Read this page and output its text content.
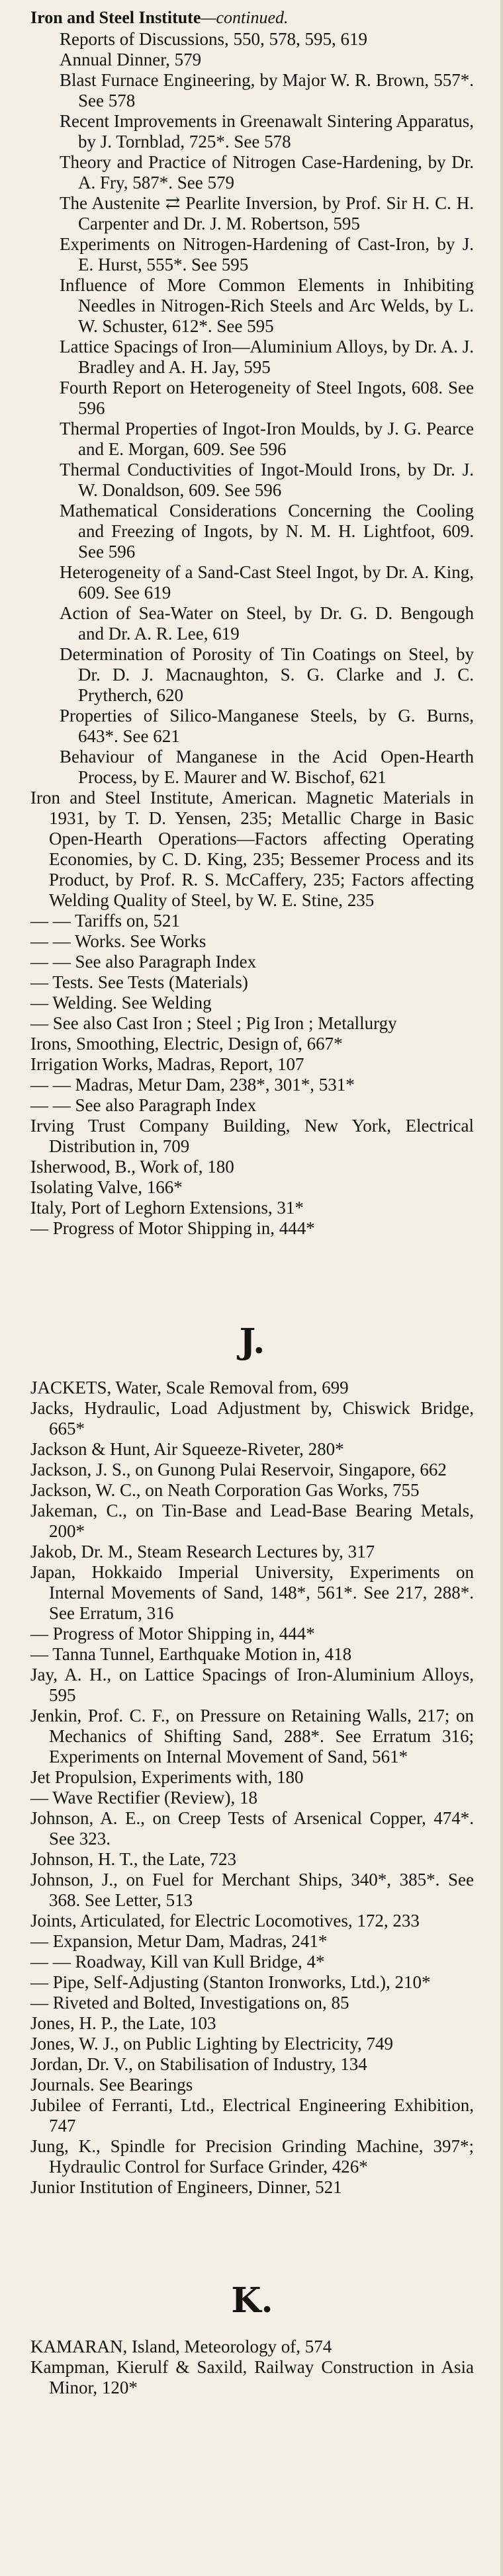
Iron and Steel Institute—continued.

Reports of Discussions, 550, 578, 595, 619

Annual Dinner, 579

Blast Furnace Engineering, by Major W. R. Brown, 557*. See 578

Recent Improvements in Greenawalt Sintering Apparatus, by J. Tornblad, 725*. See 578

Theory and Practice of Nitrogen Case-Hardening, by Dr. A. Fry, 587*. See 579

The Austenite ⇄ Pearlite Inversion, by Prof. Sir H. C. H. Carpenter and Dr. J. M. Robertson, 595

Experiments on Nitrogen-Hardening of Cast-Iron, by J. E. Hurst, 555*. See 595

Influence of More Common Elements in Inhibiting Needles in Nitrogen-Rich Steels and Arc Welds, by L. W. Schuster, 612*. See 595

Lattice Spacings of Iron—Aluminium Alloys, by Dr. A. J. Bradley and A. H. Jay, 595

Fourth Report on Heterogeneity of Steel Ingots, 608. See 596

Thermal Properties of Ingot-Iron Moulds, by J. G. Pearce and E. Morgan, 609. See 596

Thermal Conductivities of Ingot-Mould Irons, by Dr. J. W. Donaldson, 609. See 596

Mathematical Considerations Concerning the Cooling and Freezing of Ingots, by N. M. H. Lightfoot, 609. See 596

Heterogeneity of a Sand-Cast Steel Ingot, by Dr. A. King, 609. See 619

Action of Sea-Water on Steel, by Dr. G. D. Bengough and Dr. A. R. Lee, 619

Determination of Porosity of Tin Coatings on Steel, by Dr. D. J. Macnaughton, S. G. Clarke and J. C. Prytherch, 620

Properties of Silico-Manganese Steels, by G. Burns, 643*. See 621

Behaviour of Manganese in the Acid Open-Hearth Process, by E. Maurer and W. Bischof, 621

Iron and Steel Institute, American. Magnetic Materials in 1931, by T. D. Yensen, 235; Metallic Charge in Basic Open-Hearth Operations—Factors affecting Operating Economies, by C. D. King, 235; Bessemer Process and its Product, by Prof. R. S. McCaffery, 235; Factors affecting Welding Quality of Steel, by W. E. Stine, 235

— — Tariffs on, 521

— — Works. See Works

— — See also Paragraph Index

— Tests. See Tests (Materials)

— Welding. See Welding

— See also Cast Iron ; Steel ; Pig Iron ; Metallurgy

Irons, Smoothing, Electric, Design of, 667*

Irrigation Works, Madras, Report, 107

— — Madras, Metur Dam, 238*, 301*, 531*

— — See also Paragraph Index

Irving Trust Company Building, New York, Electrical Distribution in, 709

Isherwood, B., Work of, 180

Isolating Valve, 166*

Italy, Port of Leghorn Extensions, 31*

— Progress of Motor Shipping in, 444*

J.

JACKETS, Water, Scale Removal from, 699

Jacks, Hydraulic, Load Adjustment by, Chiswick Bridge, 665*

Jackson & Hunt, Air Squeeze-Riveter, 280*

Jackson, J. S., on Gunong Pulai Reservoir, Singapore, 662

Jackson, W. C., on Neath Corporation Gas Works, 755

Jakeman, C., on Tin-Base and Lead-Base Bearing Metals, 200*

Jakob, Dr. M., Steam Research Lectures by, 317

Japan, Hokkaido Imperial University, Experiments on Internal Movements of Sand, 148*, 561*. See 217, 288*. See Erratum, 316

— Progress of Motor Shipping in, 444*

— Tanna Tunnel, Earthquake Motion in, 418

Jay, A. H., on Lattice Spacings of Iron-Aluminium Alloys, 595

Jenkin, Prof. C. F., on Pressure on Retaining Walls, 217; on Mechanics of Shifting Sand, 288*. See Erratum 316; Experiments on Internal Movement of Sand, 561*

Jet Propulsion, Experiments with, 180

— Wave Rectifier (Review), 18

Johnson, A. E., on Creep Tests of Arsenical Copper, 474*. See 323.

Johnson, H. T., the Late, 723

Johnson, J., on Fuel for Merchant Ships, 340*, 385*. See 368. See Letter, 513

Joints, Articulated, for Electric Locomotives, 172, 233

— Expansion, Metur Dam, Madras, 241*

— — Roadway, Kill van Kull Bridge, 4*

— Pipe, Self-Adjusting (Stanton Ironworks, Ltd.), 210*

— Riveted and Bolted, Investigations on, 85

Jones, H. P., the Late, 103

Jones, W. J., on Public Lighting by Electricity, 749

Jordan, Dr. V., on Stabilisation of Industry, 134

Journals. See Bearings

Jubilee of Ferranti, Ltd., Electrical Engineering Exhibition, 747

Jung, K., Spindle for Precision Grinding Machine, 397*; Hydraulic Control for Surface Grinder, 426*

Junior Institution of Engineers, Dinner, 521

K.

KAMARAN, Island, Meteorology of, 574

Kampman, Kierulf & Saxild, Railway Construction in Asia Minor, 120*
